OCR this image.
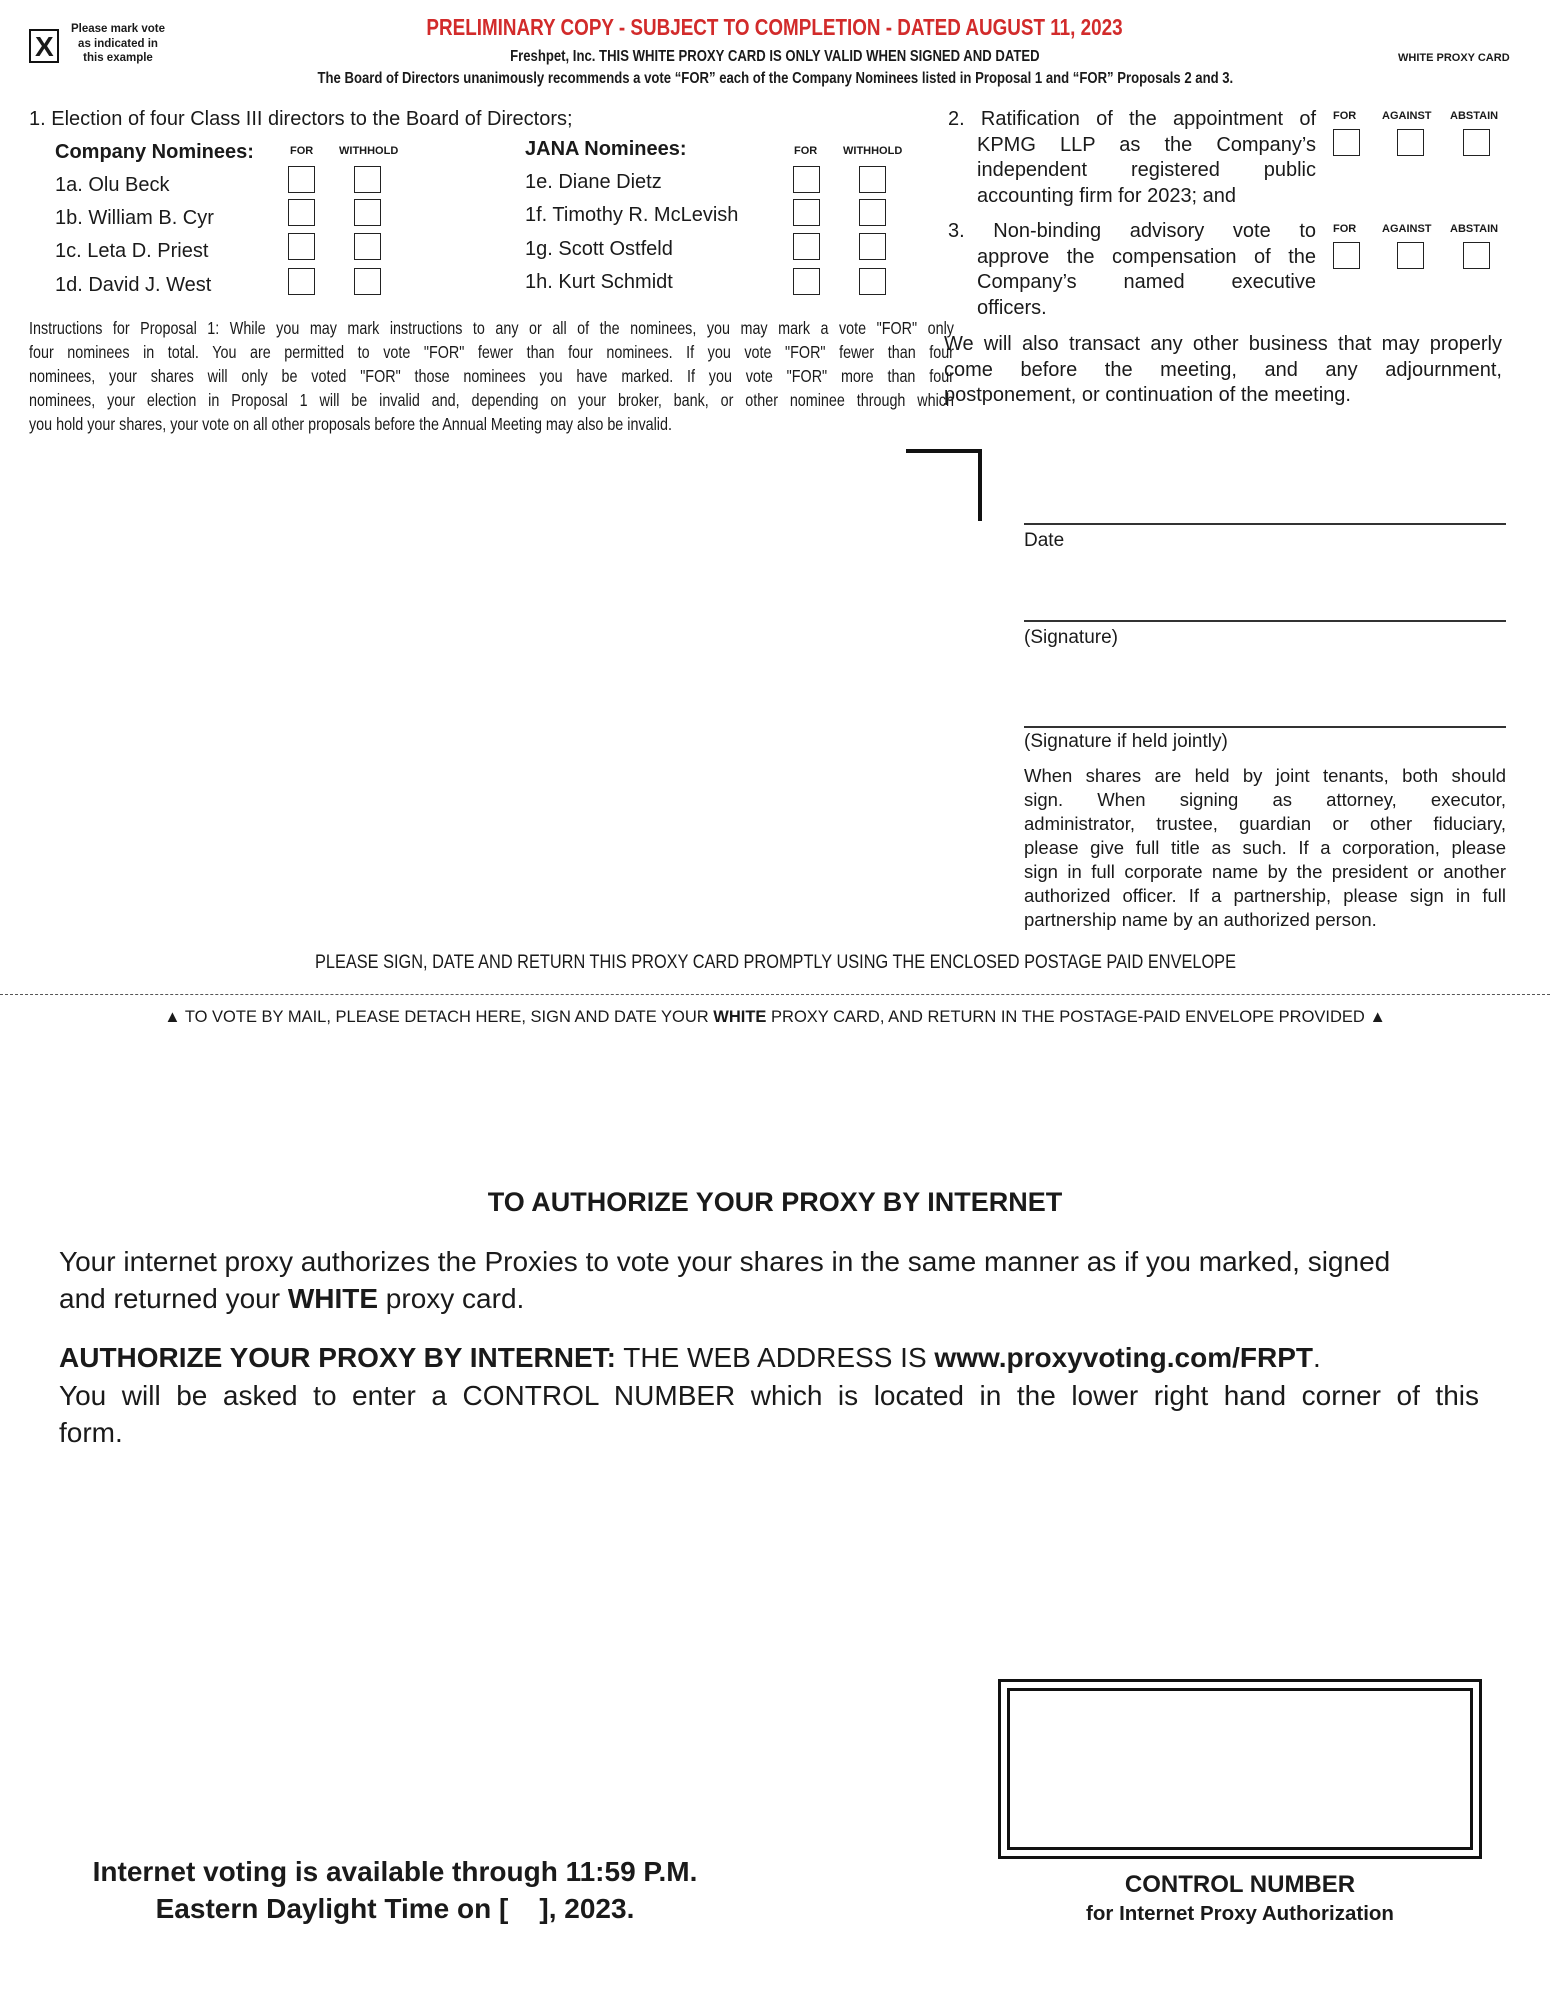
X
Please mark vote
as indicated in
this example
PRELIMINARY COPY - SUBJECT TO COMPLETION - DATED AUGUST 11, 2023
Freshpet, Inc. THIS WHITE PROXY CARD IS ONLY VALID WHEN SIGNED AND DATED
The Board of Directors unanimously recommends a vote “FOR” each of the Company Nominees listed in Proposal 1 and “FOR” Proposals 2 and 3.
WHITE PROXY CARD
1. Election of four Class III directors to the Board of Directors;
Company Nominees:	FOR WITHHOLD	JANA Nominees:	FOR WITHHOLD
1a. Olu Beck
1b. William B. Cyr
1c. Leta D. Priest
1d. David J. West
1e. Diane Dietz
1f. Timothy R. McLevish
1g. Scott Ostfeld
1h. Kurt Schmidt
Instructions for Proposal 1: While you may mark instructions to any or all of the nominees, you may mark a vote "FOR" only
four nominees in total. You are permitted to vote "FOR" fewer than four nominees. If you vote "FOR" fewer than four
nominees, your shares will only be voted "FOR" those nominees you have marked. If you vote "FOR" more than four
nominees, your election in Proposal 1 will be invalid and, depending on your broker, bank, or other nominee through which
you hold your shares, your vote on all other proposals before the Annual Meeting may also be invalid.
2. Ratification of the appointment of
KPMG LLP as the Company’s
independent registered public
accounting firm for 2023; and
FOR AGAINST ABSTAIN
3. Non-binding advisory vote to
approve the compensation of the
Company’s named executive
officers.
FOR AGAINST ABSTAIN
We will also transact any other business that may properly
come before the meeting, and any adjournment,
postponement, or continuation of the meeting.
Date
(Signature)
(Signature if held jointly)
When shares are held by joint tenants, both should
sign. When signing as attorney, executor,
administrator, trustee, guardian or other fiduciary,
please give full title as such. If a corporation, please
sign in full corporate name by the president or another
authorized officer. If a partnership, please sign in full
partnership name by an authorized person.
PLEASE SIGN, DATE AND RETURN THIS PROXY CARD PROMPTLY USING THE ENCLOSED POSTAGE PAID ENVELOPE
▲ TO VOTE BY MAIL, PLEASE DETACH HERE, SIGN AND DATE YOUR WHITE PROXY CARD, AND RETURN IN THE POSTAGE-PAID ENVELOPE PROVIDED ▲
TO AUTHORIZE YOUR PROXY BY INTERNET
Your internet proxy authorizes the Proxies to vote your shares in the same manner as if you marked, signed
and returned your WHITE proxy card.
AUTHORIZE YOUR PROXY BY INTERNET: THE WEB ADDRESS IS www.proxyvoting.com/FRPT.
You will be asked to enter a CONTROL NUMBER which is located in the lower right hand corner of this
form.
Internet voting is available through 11:59 P.M.
Eastern Daylight Time on [    ], 2023.
CONTROL NUMBER
for Internet Proxy Authorization
